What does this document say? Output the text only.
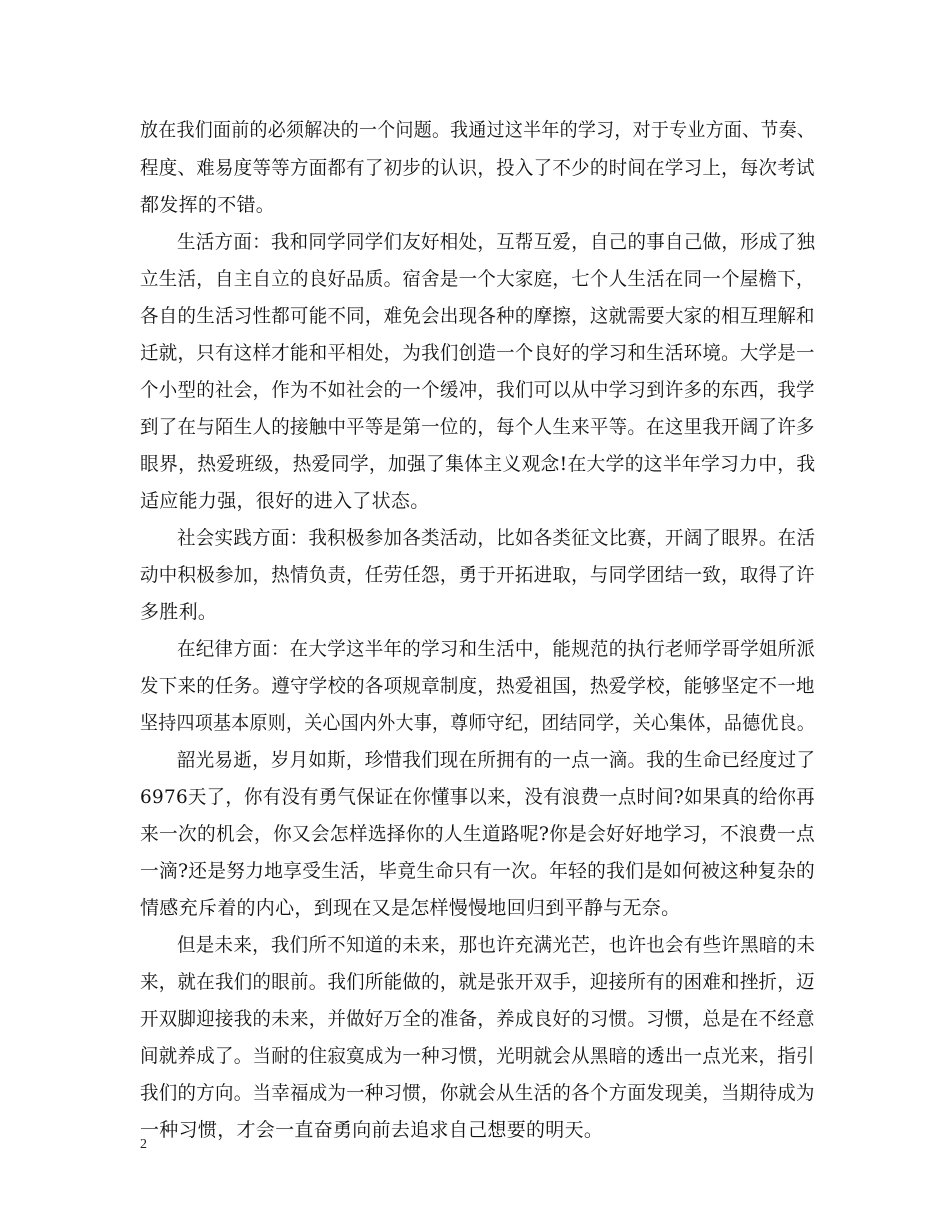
放在我们面前的必须解决的一个问题。我通过这半年的学习，对于专业方面、节奏、
程度、难易度等等方面都有了初步的认识，投入了不少的时间在学习上，每次考试
都发挥的不错。
生活方面：我和同学同学们友好相处，互帮互爱，自己的事自己做，形成了独
立生活，自主自立的良好品质。宿舍是一个大家庭，七个人生活在同一个屋檐下，
各自的生活习性都可能不同，难免会出现各种的摩擦，这就需要大家的相互理解和
迁就，只有这样才能和平相处，为我们创造一个良好的学习和生活环境。大学是一
个小型的社会，作为不如社会的一个缓冲，我们可以从中学习到许多的东西，我学
到了在与陌生人的接触中平等是第一位的，每个人生来平等。在这里我开阔了许多
眼界，热爱班级，热爱同学，加强了集体主义观念!在大学的这半年学习力中，我
适应能力强，很好的进入了状态。
社会实践方面：我积极参加各类活动，比如各类征文比赛，开阔了眼界。在活
动中积极参加，热情负责，任劳任怨，勇于开拓进取，与同学团结一致，取得了许
多胜利。
在纪律方面：在大学这半年的学习和生活中，能规范的执行老师学哥学姐所派
发下来的任务。遵守学校的各项规章制度，热爱祖国，热爱学校，能够坚定不一地
坚持四项基本原则，关心国内外大事，尊师守纪，团结同学，关心集体，品德优良。
韶光易逝，岁月如斯，珍惜我们现在所拥有的一点一滴。我的生命已经度过了
6976天了，你有没有勇气保证在你懂事以来，没有浪费一点时间?如果真的给你再
来一次的机会，你又会怎样选择你的人生道路呢?你是会好好地学习，不浪费一点
一滴?还是努力地享受生活，毕竟生命只有一次。年轻的我们是如何被这种复杂的
情感充斥着的内心，到现在又是怎样慢慢地回归到平静与无奈。
但是未来，我们所不知道的未来，那也许充满光芒，也许也会有些许黑暗的未
来，就在我们的眼前。我们所能做的，就是张开双手，迎接所有的困难和挫折，迈
开双脚迎接我的未来，并做好万全的准备，养成良好的习惯。习惯，总是在不经意
间就养成了。当耐的住寂寞成为一种习惯，光明就会从黑暗的透出一点光来，指引
我们的方向。当幸福成为一种习惯，你就会从生活的各个方面发现美，当期待成为
一种习惯，才会一直奋勇向前去追求自己想要的明天。
2
